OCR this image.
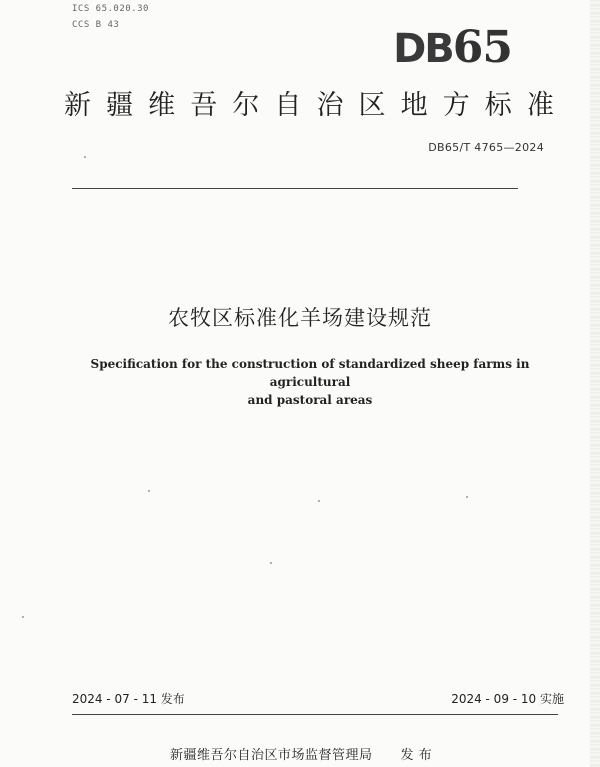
ICS 65.020.30
CCS B 43
DB65
新 疆 维 吾 尔 自 治 区 地 方 标 准
DB65/T 4765—2024
农牧区标准化羊场建设规范
Specification for the construction of standardized sheep farms in agricultural
and pastoral areas
2024 - 07 - 11 发布	2024 - 09 - 10 实施
新疆维吾尔自治区市场监督管理局 发 布
